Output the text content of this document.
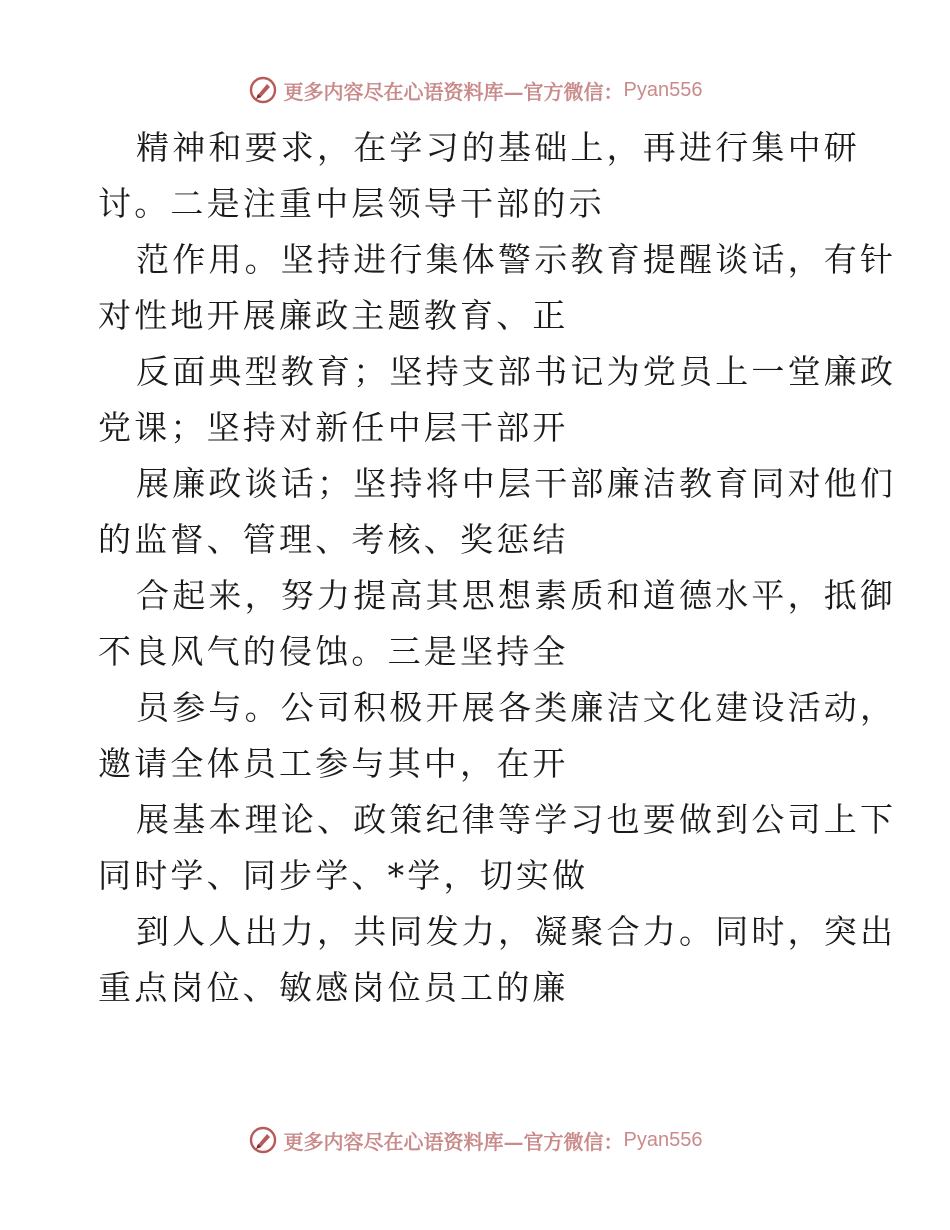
更多内容尽在心语资料库—官方微信： Pyan556
精神和要求，在学习的基础上，再进行集中研
讨。二是注重中层领导干部的示
范作用。坚持进行集体警示教育提醒谈话，有针
对性地开展廉政主题教育、正
反面典型教育；坚持支部书记为党员上一堂廉政
党课；坚持对新任中层干部开
展廉政谈话；坚持将中层干部廉洁教育同对他们
的监督、管理、考核、奖惩结
合起来，努力提高其思想素质和道德水平，抵御
不良风气的侵蚀。三是坚持全
员参与。公司积极开展各类廉洁文化建设活动，
邀请全体员工参与其中，在开
展基本理论、政策纪律等学习也要做到公司上下
同时学、同步学、*学，切实做
到人人出力，共同发力，凝聚合力。同时，突出
重点岗位、敏感岗位员工的廉
更多内容尽在心语资料库—官方微信： Pyan556
